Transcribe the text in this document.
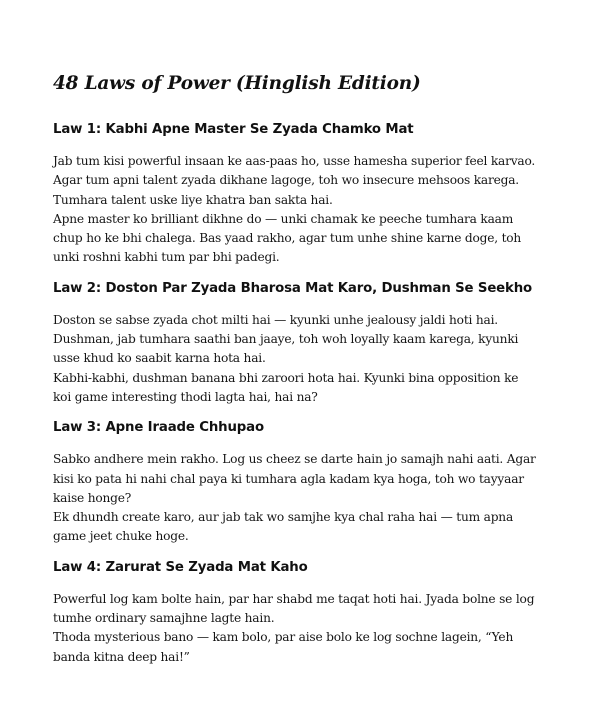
48 Laws of Power (Hinglish Edition)
Law 1: Kabhi Apne Master Se Zyada Chamko Mat

Jab tum kisi powerful insaan ke aas-paas ho, usse hamesha superior feel karvao.
Agar tum apni talent zyada dikhane lagoge, toh wo insecure mehsoos karega.
Tumhara talent uske liye khatra ban sakta hai.

Apne master ko brilliant dikhne do — unki chamak ke peeche tumhara kaam
chup ho ke bhi chalega. Bas yaad rakho, agar tum unhe shine karne doge, toh
unki roshni kabhi tum par bhi padegi.

Law 2: Doston Par Zyada Bharosa Mat Karo, Dushman Se Seekho

Doston se sabse zyada chot milti hai — kyunki unhe jealousy jaldi hoti hai.
Dushman, jab tumhara saathi ban jaaye, toh woh loyally kaam karega, kyunki
usse khud ko saabit karna hota hai.

Kabhi-kabhi, dushman banana bhi zaroori hota hai. Kyunki bina opposition ke
koi game interesting thodi lagta hai, hai na?

Law 3: Apne Iraade Chhupao

Sabko andhere mein rakho. Log us cheez se darte hain jo samajh nahi aati. Agar
kisi ko pata hi nahi chal paya ki tumhara agla kadam kya hoga, toh wo tayyaar
kaise honge?

Ek dhundh create karo, aur jab tak wo samjhe kya chal raha hai — tum apna
game jeet chuke hoge.

Law 4: Zarurat Se Zyada Mat Kaho

Powerful log kam bolte hain, par har shabd me taqat hoti hai. Jyada bolne se log
tumhe ordinary samajhne lagte hain.

Thoda mysterious bano — kam bolo, par aise bolo ke log sochne lagein, “Yeh
banda kitna deep hai!”
